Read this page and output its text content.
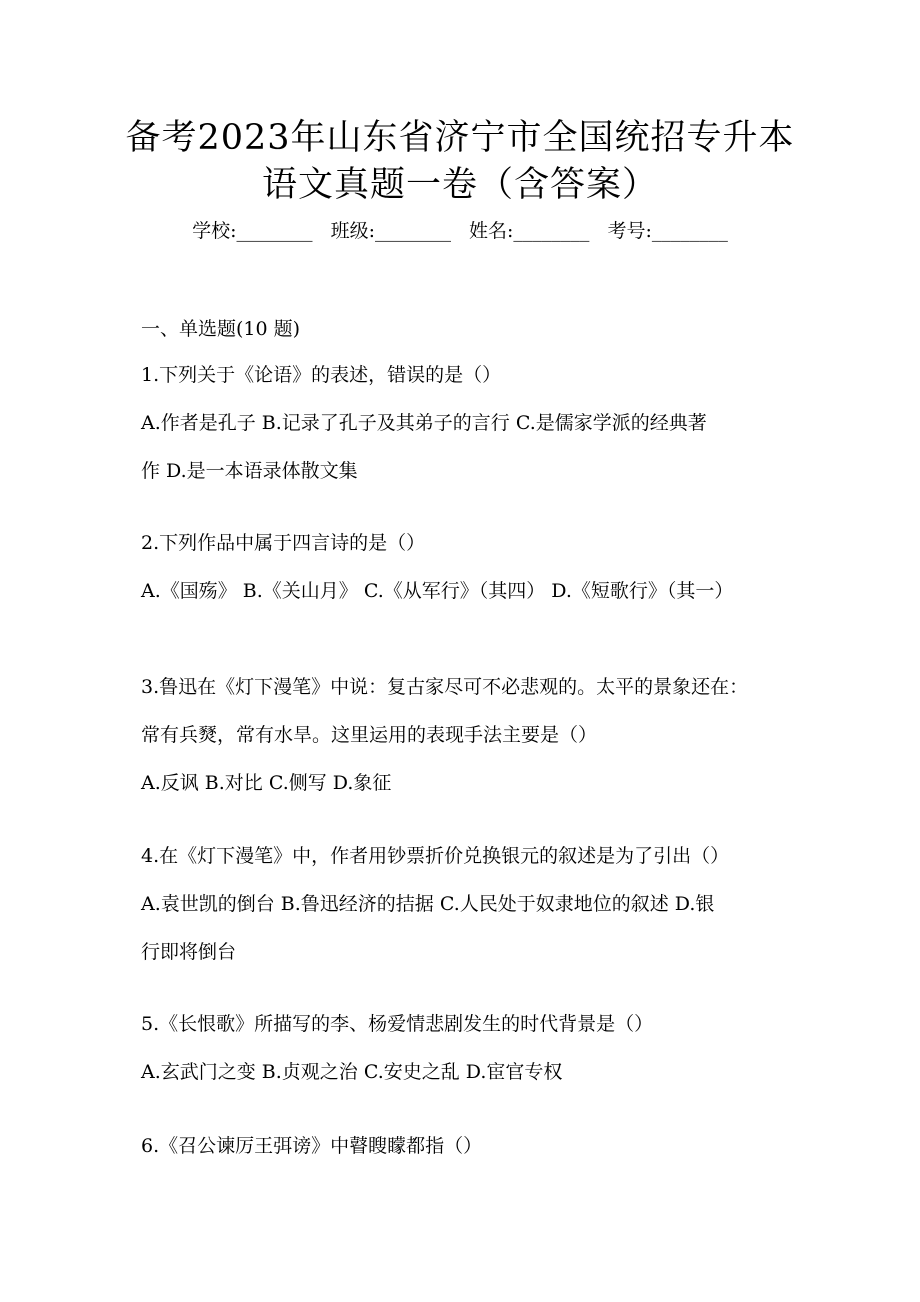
备考2023年山东省济宁市全国统招专升本
语文真题一卷（含答案）
学校:________ 班级:________ 姓名:________ 考号:________
一、单选题(10 题)
1.下列关于《论语》的表述，错误的是（）
A.作者是孔子 B.记录了孔子及其弟子的言行 C.是儒家学派的经典著
作 D.是一本语录体散文集
2.下列作品中属于四言诗的是（）
A.《国殇》 B.《关山月》 C.《从军行》（其四） D.《短歌行》（其一）
3.鲁迅在《灯下漫笔》中说：复古家尽可不必悲观的。太平的景象还在：
常有兵燹，常有水旱。这里运用的表现手法主要是（）
A.反讽 B.对比 C.侧写 D.象征
4.在《灯下漫笔》中，作者用钞票折价兑换银元的叙述是为了引出（）
A.袁世凯的倒台 B.鲁迅经济的拮据 C.人民处于奴隶地位的叙述 D.银
行即将倒台
5.《长恨歌》所描写的李、杨爱情悲剧发生的时代背景是（）
A.玄武门之变 B.贞观之治 C.安史之乱 D.宦官专权
6.《召公谏厉王弭谤》中瞽瞍矇都指（）
